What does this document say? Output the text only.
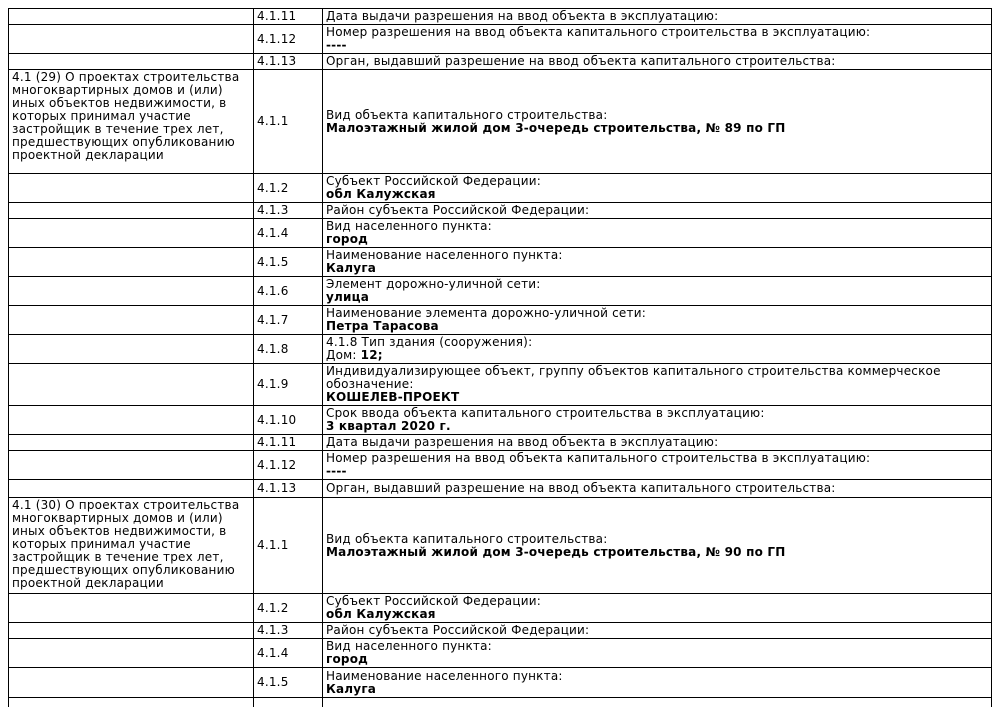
	4.1.11	Дата выдачи разрешения на ввод объекта в эксплуатацию:

	4.1.12	Номер разрешения на ввод объекта капитального строительства в эксплуатацию:
----

	4.1.13	Орган, выдавший разрешение на ввод объекта капитального строительства:

4.1 (29) О проектах строительства многоквартирных домов и (или) иных объектов недвижимости, в которых принимал участие застройщик в течение трех лет, предшествующих опубликованию проектной декларации	4.1.1	Вид объекта капитального строительства:
Малоэтажный жилой дом 3-очередь строительства, № 89 по ГП

	4.1.2	Субъект Российской Федерации:
обл Калужская

	4.1.3	Район субъекта Российской Федерации:

	4.1.4	Вид населенного пункта:
город

	4.1.5	Наименование населенного пункта:
Калуга

	4.1.6	Элемент дорожно-уличной сети:
улица

	4.1.7	Наименование элемента дорожно-уличной сети:
Петра Тарасова

	4.1.8	4.1.8 Тип здания (сооружения):
Дом: 12;

	4.1.9	Индивидуализирующее объект, группу объектов капитального строительства коммерческое обозначение:
КОШЕЛЕВ-ПРОЕКТ

	4.1.10	Срок ввода объекта капитального строительства в эксплуатацию:
3 квартал 2020 г.

	4.1.11	Дата выдачи разрешения на ввод объекта в эксплуатацию:

	4.1.12	Номер разрешения на ввод объекта капитального строительства в эксплуатацию:
----

	4.1.13	Орган, выдавший разрешение на ввод объекта капитального строительства:

4.1 (30) О проектах строительства многоквартирных домов и (или) иных объектов недвижимости, в которых принимал участие застройщик в течение трех лет, предшествующих опубликованию проектной декларации	4.1.1	Вид объекта капитального строительства:
Малоэтажный жилой дом 3-очередь строительства, № 90 по ГП

	4.1.2	Субъект Российской Федерации:
обл Калужская

	4.1.3	Район субъекта Российской Федерации:

	4.1.4	Вид населенного пункта:
город

	4.1.5	Наименование населенного пункта:
Калуга
